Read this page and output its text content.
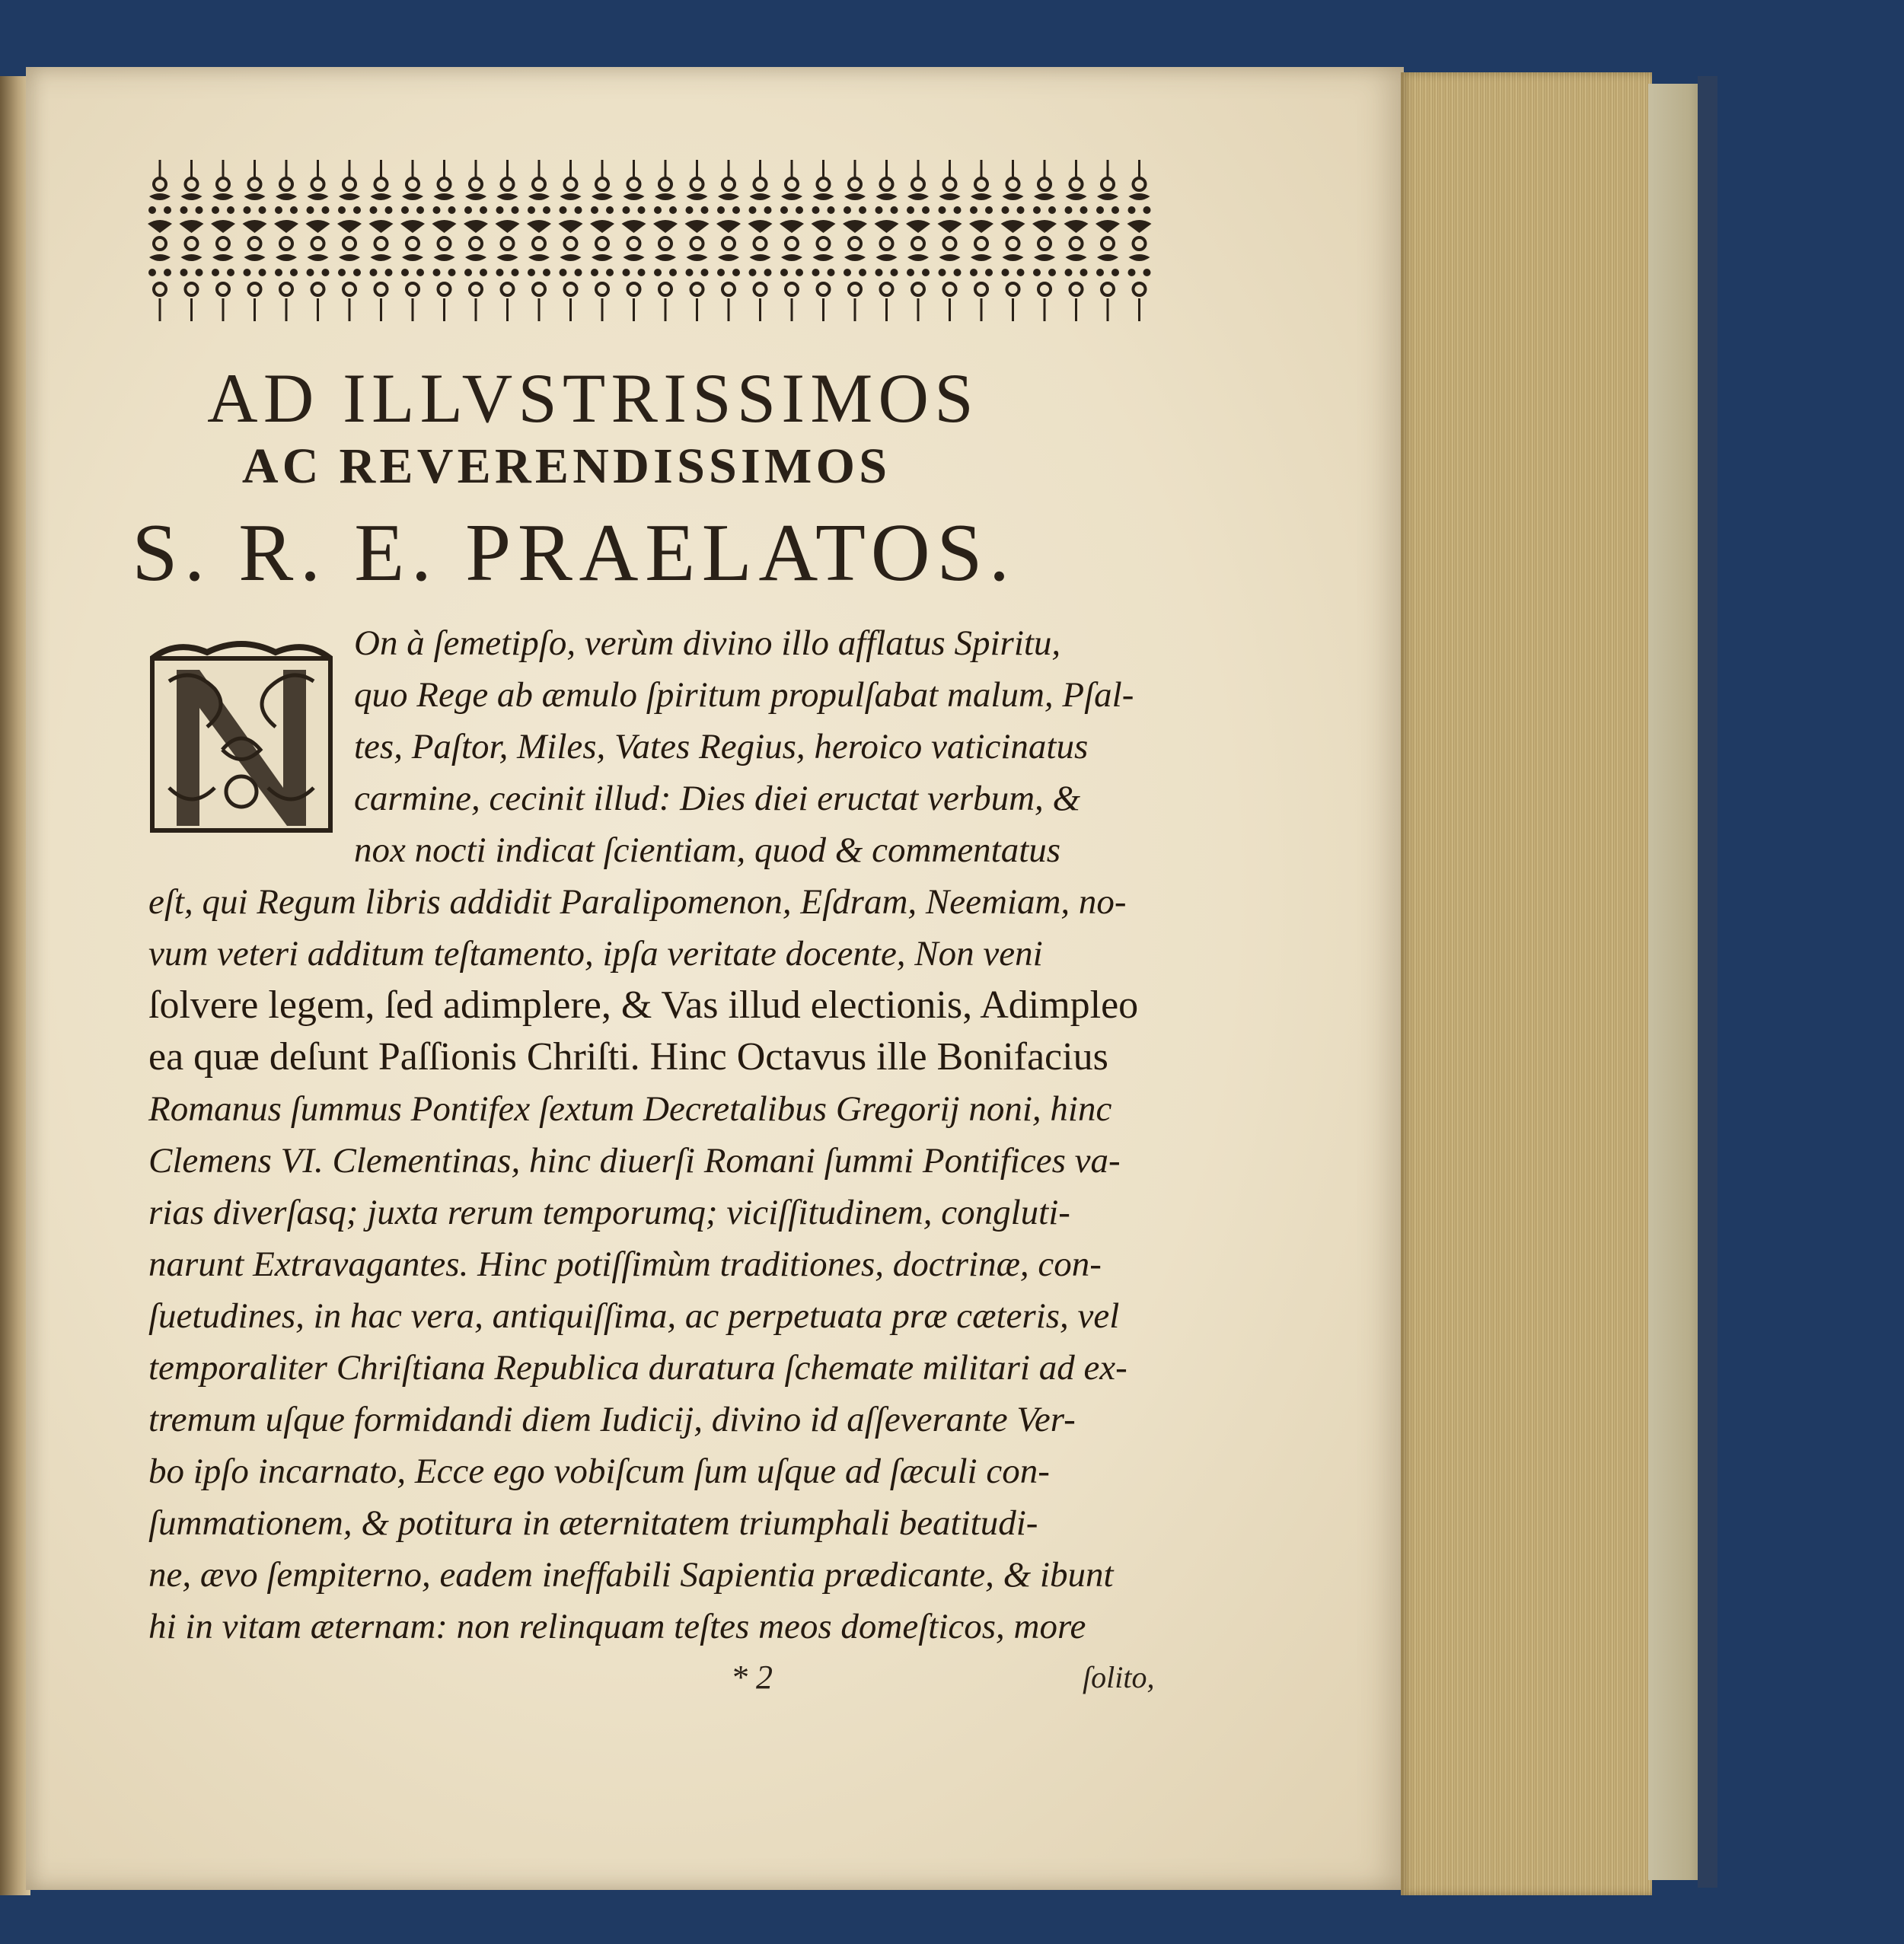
AD ILLVSTRISSIMOS
AC REVERENDISSIMOS
S. R. E. PRAELATOS.
On à ſemetipſo, verùm divino illo afflatus Spiritu,
quo Rege ab æmulo ſpiritum propulſabat malum, Pſal-
tes, Paſtor, Miles, Vates Regius, heroico vaticinatus
carmine, cecinit illud: Dies diei eructat verbum, &
nox nocti indicat ſcientiam, quod & commentatus
eſt, qui Regum libris addidit Paralipomenon, Eſdram, Neemiam, no-
vum veteri additum teſtamento, ipſa veritate docente, Non veni
ſolvere legem, ſed adimplere, & Vas illud electionis, Adimpleo
ea quæ deſunt Paſſionis Chriſti. Hinc Octavus ille Bonifacius
Romanus ſummus Pontifex ſextum Decretalibus Gregorij noni, hinc
Clemens VI. Clementinas, hinc diuerſi Romani ſummi Pontifices va-
rias diverſasq; juxta rerum temporumq; viciſſitudinem, congluti-
narunt Extravagantes. Hinc potiſſimùm traditiones, doctrinæ, con-
ſuetudines, in hac vera, antiquiſſima, ac perpetuata præ cæteris, vel
temporaliter Chriſtiana Republica duratura ſchemate militari ad ex-
tremum uſque formidandi diem Iudicij, divino id aſſeverante Ver-
bo ipſo incarnato, Ecce ego vobiſcum ſum uſque ad ſæculi con-
ſummationem, & potitura in æternitatem triumphali beatitudi-
ne, ævo ſempiterno, eadem ineffabili Sapientia prædicante, & ibunt
hi in vitam æternam: non relinquam teſtes meos domeſticos, more
* 2	ſolito,
